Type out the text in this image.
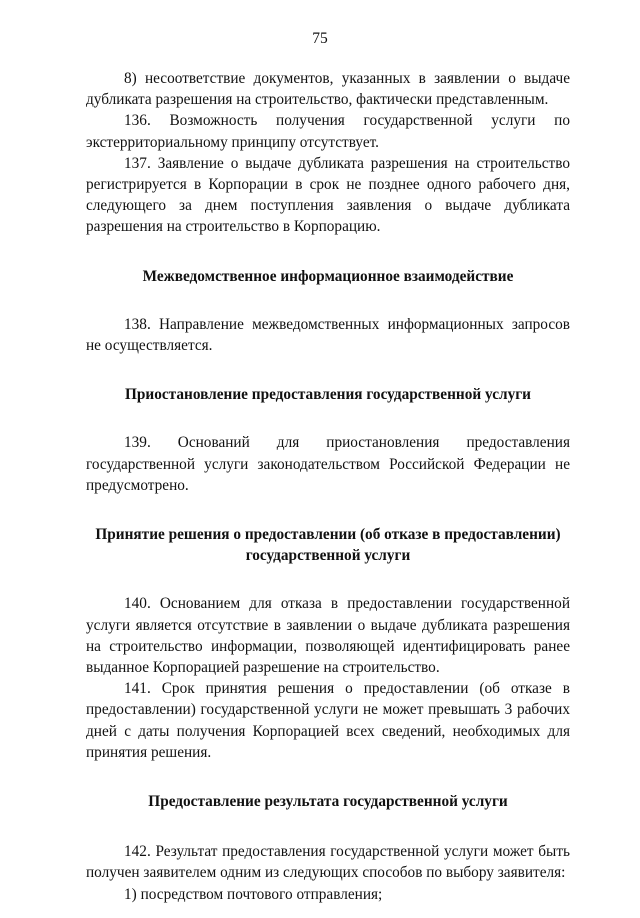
75

8) несоответствие документов, указанных в заявлении о выдаче дубликата разрешения на строительство, фактически представленным.

136. Возможность получения государственной услуги по экстерриториальному принципу отсутствует.

137. Заявление о выдаче дубликата разрешения на строительство регистрируется в Корпорации в срок не позднее одного рабочего дня, следующего за днем поступления заявления о выдаче дубликата разрешения на строительство в Корпорацию.

Межведомственное информационное взаимодействие

138. Направление межведомственных информационных запросов не осуществляется.

Приостановление предоставления государственной услуги

139. Оснований для приостановления предоставления государственной услуги законодательством Российской Федерации не предусмотрено.

Принятие решения о предоставлении (об отказе в предоставлении) государственной услуги

140. Основанием для отказа в предоставлении государственной услуги является отсутствие в заявлении о выдаче дубликата разрешения на строительство информации, позволяющей идентифицировать ранее выданное Корпорацией разрешение на строительство.

141. Срок принятия решения о предоставлении (об отказе в предоставлении) государственной услуги не может превышать 3 рабочих дней с даты получения Корпорацией всех сведений, необходимых для принятия решения.

Предоставление результата государственной услуги

142. Результат предоставления государственной услуги может быть получен заявителем одним из следующих способов по выбору заявителя:

1) посредством почтового отправления;
